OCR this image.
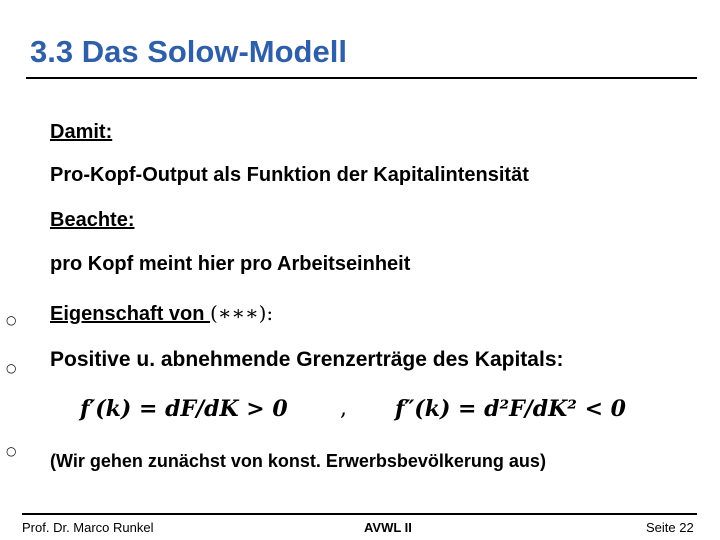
3.3 Das Solow-Modell
Damit:
Pro-Kopf-Output als Funktion der Kapitalintensität
Beachte:
pro Kopf meint hier pro Arbeitseinheit
○ Eigenschaft von (∗∗∗):
○ Positive u. abnehmende Grenzerträge des Kapitals:
f′(k) = dF/dK > 0 , f″(k) = d²F/dK² < 0
○ (Wir gehen zunächst von konst. Erwerbsbevölkerung aus)
Prof. Dr. Marco Runkel	AVWL II	Seite 22
